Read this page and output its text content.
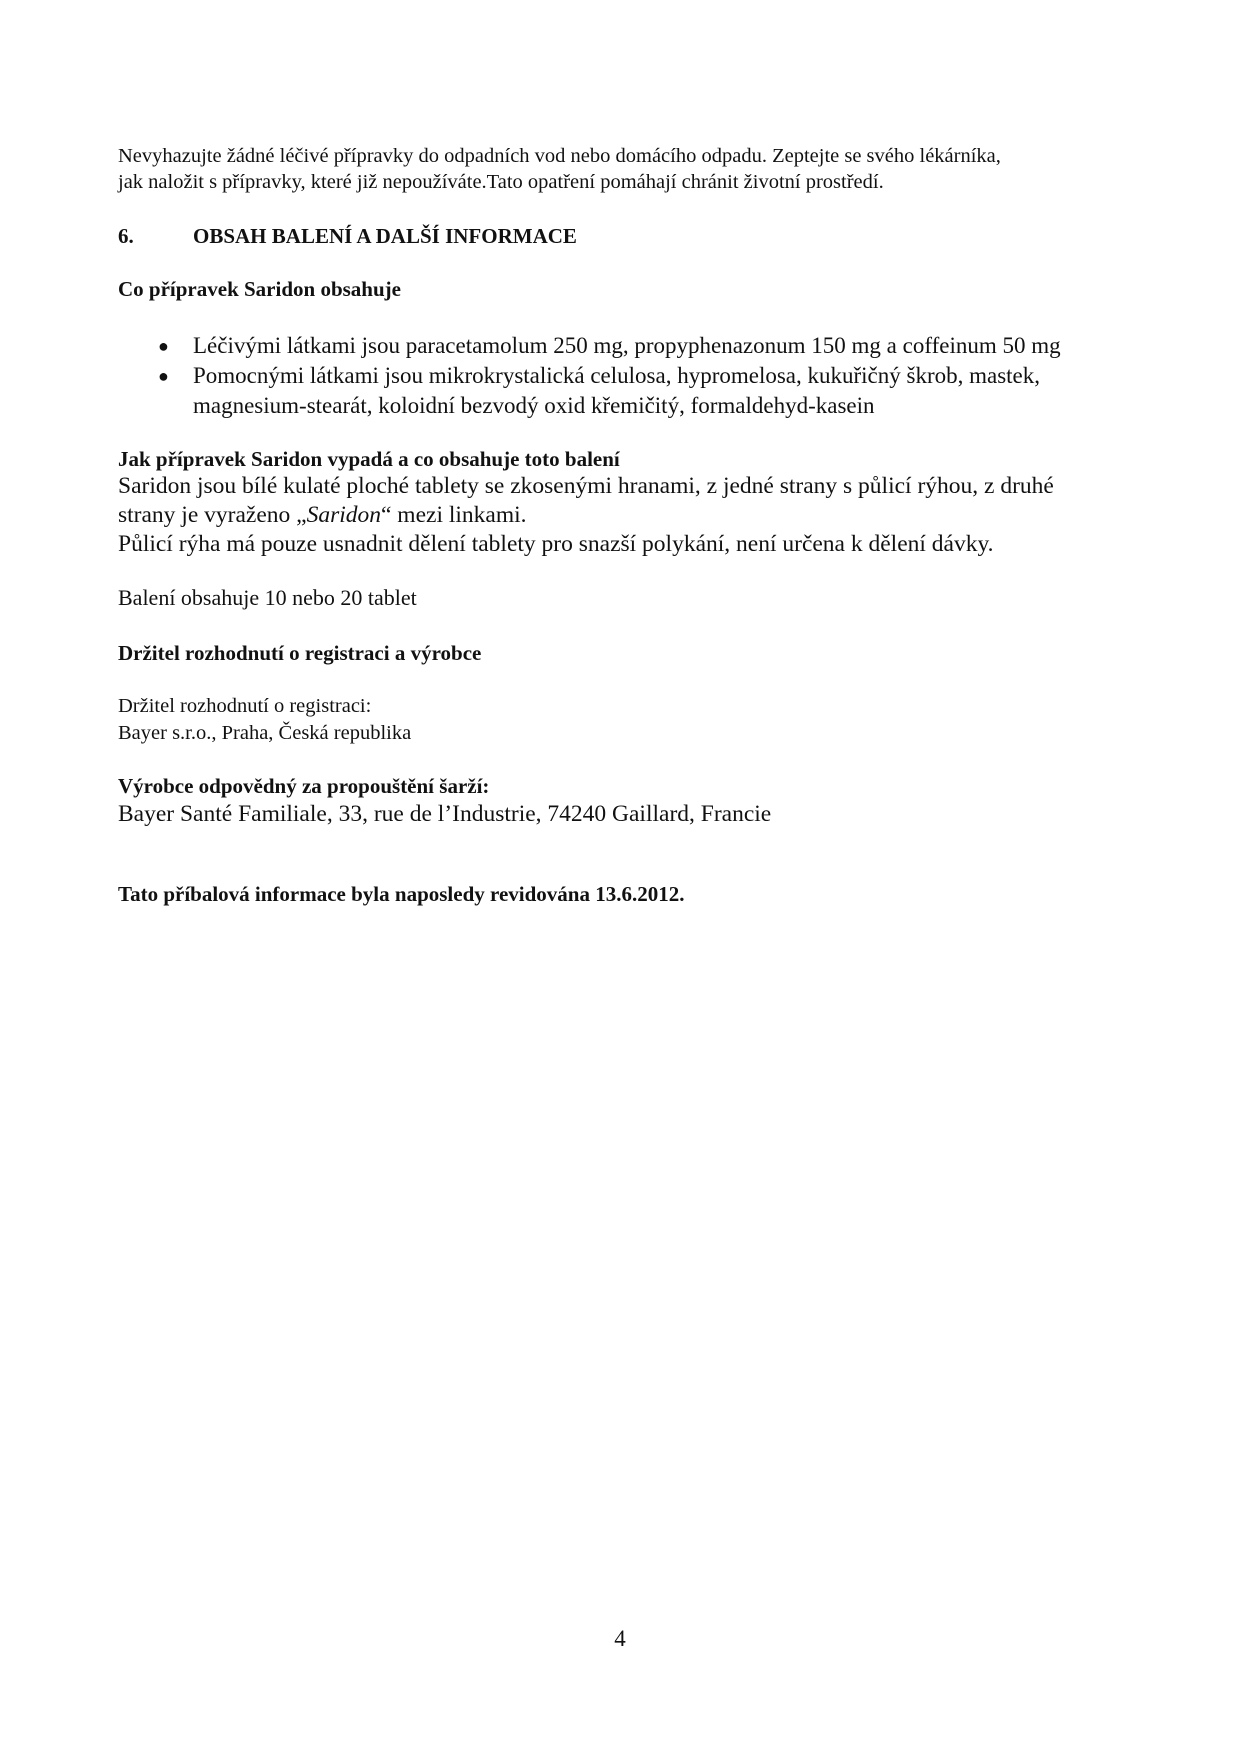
Nevyhazujte žádné léčivé přípravky do odpadních vod nebo domácího odpadu. Zeptejte se svého lékárníka,

jak naložit s přípravky, které již nepoužíváte.Tato opatření pomáhají chránit životní prostředí.

6.	OBSAH BALENÍ A DALŠÍ INFORMACE

Co přípravek Saridon obsahuje

● Léčivými látkami jsou paracetamolum 250 mg, propyphenazonum 150 mg a coffeinum 50 mg
● Pomocnými látkami jsou mikrokrystalická celulosa, hypromelosa, kukuřičný škrob, mastek,
magnesium-stearát, koloidní bezvodý oxid křemičitý, formaldehyd-kasein

Jak přípravek Saridon vypadá a co obsahuje toto balení

Saridon jsou bílé kulaté ploché tablety se zkosenými hranami, z jedné strany s půlicí rýhou, z druhé

strany je vyraženo „Saridon“ mezi linkami.

Půlicí rýha má pouze usnadnit dělení tablety pro snazší polykání, není určena k dělení dávky.

Balení obsahuje 10 nebo 20 tablet

Držitel rozhodnutí o registraci a výrobce

Držitel rozhodnutí o registraci:

Bayer s.r.o., Praha, Česká republika

Výrobce odpovědný za propouštění šarží:

Bayer Santé Familiale, 33, rue de l’Industrie, 74240 Gaillard, Francie

Tato příbalová informace byla naposledy revidována 13.6.2012.

4
